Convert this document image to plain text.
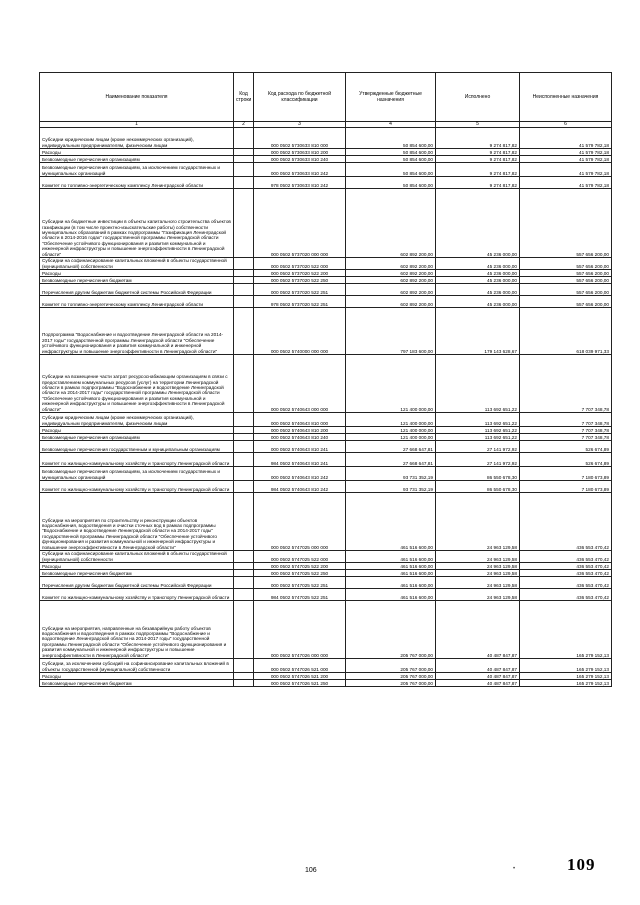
Наименование показателя	Код строки	Код расхода по бюджетной классификации	Утвержденные бюджетные назначения	Исполнено	Неисполненные назначения
1	2	3	4	5	6
Субсидии юридическим лицам (кроме некоммерческих организаций), индивидуальным предпринимателям, физическим лицам		000 0502 5730633 810 000	50 854 600,00	9 274 817,82	41 579 782,18
Расходы		000 0502 5730633 810 200	50 854 600,00	9 274 817,82	41 579 782,18
Безвозмездные перечисления организациям		000 0502 5730633 810 240	50 854 600,00	9 274 817,82	41 579 782,18
Безвозмездные перечисления организациям, за исключением государственных и муниципальных организаций		000 0502 5730633 810 242	50 854 600,00	9 274 817,82	41 579 782,18
Комитет по топливно-энергетическому комплексу Ленинградской области		978 0502 5730633 810 242	50 854 600,00	9 274 817,82	41 579 782,18
Субсидии на бюджетные инвестиции в объекты капитального строительства объектов газификации (в том числе проектно-изыскательские работы) собственности муниципальных образований в рамках подпрограммы "Газификация Ленинградской области в 2014-2016 годах" государственной программы Ленинградской области "Обеспечение устойчивого функционирования и развития коммунальной и инженерной инфраструктуры и повышение энергоэффективности в Ленинградской области"		000 0502 5737020 000 000	602 892 200,00	45 236 000,00	557 656 200,00
Субсидии на софинансирование капитальных вложений в объекты государственной (муниципальной) собственности		000 0502 5737020 522 000	602 892 200,00	45 236 000,00	557 656 200,00
Расходы		000 0502 5737020 522 200	602 892 200,00	45 236 000,00	557 656 200,00
Безвозмездные перечисления бюджетам		000 0502 5737020 522 250	602 892 200,00	45 236 000,00	557 656 200,00
Перечисления другим бюджетам бюджетной системы Российской Федерации		000 0502 5737020 522 251	602 892 200,00	45 236 000,00	557 656 200,00
Комитет по топливно-энергетическому комплексу Ленинградской области		978 0502 5737020 522 251	602 892 200,00	45 236 000,00	557 656 200,00
Подпрограмма "Водоснабжение и водоотведение Ленинградской области на 2014-2017 годы" государственной программы Ленинградской области "Обеспечение устойчивого функционирования и развития коммунальной и инженерной инфраструктуры и повышение энергоэффективности в Ленинградской области"		000 0502 5740000 000 000	797 183 600,00	179 143 628,67	618 039 971,33
Субсидии на возмещение части затрат ресурсоснабжающим организациям в связи с предоставлением коммунальных ресурсов (услуг) на территории Ленинградской области в рамках подпрограммы "Водоснабжение и водоотведение Ленинградской области на 2014-2017 годы" государственной программы Ленинградской области "Обеспечение устойчивого функционирования и развития коммунальной и инженерной инфраструктуры и повышение энергоэффективности в Ленинградской области"		000 0502 5740643 000 000	121 400 000,00	113 692 651,22	7 707 348,78
Субсидии юридическим лицам (кроме некоммерческих организаций), индивидуальным предпринимателям, физическим лицам		000 0502 5740643 810 000	121 400 000,00	113 692 651,22	7 707 348,78
Расходы		000 0502 5740643 810 200	121 400 000,00	113 692 651,22	7 707 348,78
Безвозмездные перечисления организациям		000 0502 5740643 810 240	121 400 000,00	113 692 651,22	7 707 348,78
Безвозмездные перечисления государственным и муниципальным организациям		000 0502 5740643 810 241	27 668 647,81	27 141 972,92	526 674,89
Комитет по жилищно-коммунальному хозяйству и транспорту Ленинградской области		984 0502 5740643 810 241	27 668 647,81	27 141 972,92	526 674,89
Безвозмездные перечисления организациям, за исключением государственных и муниципальных организаций		000 0502 5740643 810 242	93 731 352,19	86 550 678,30	7 180 673,89
Комитет по жилищно-коммунальному хозяйству и транспорту Ленинградской области		984 0502 5740643 810 242	93 731 352,19	86 550 678,30	7 180 673,89
Субсидии на мероприятия по строительству и реконструкции объектов водоснабжения, водоотведения и очистки сточных вод в рамках подпрограммы "Водоснабжение и водоотведение Ленинградской области на 2014-2017 годы" государственной программы Ленинградской области "Обеспечение устойчивого функционирования и развития коммунальной и инженерной инфраструктуры и повышение энергоэффективности в Ленинградской области"		000 0502 5747025 000 000	461 516 600,00	24 963 129,58	436 553 470,42
Субсидии на софинансирование капитальных вложений в объекты государственной (муниципальной) собственности		000 0502 5747025 522 000	461 516 600,00	24 963 129,58	436 553 470,42
Расходы		000 0502 5747025 522 200	461 516 600,00	24 963 129,58	436 553 470,42
Безвозмездные перечисления бюджетам		000 0502 5747025 522 250	461 516 600,00	24 963 129,58	436 553 470,42
Перечисления другим бюджетам бюджетной системы Российской Федерации		000 0502 5747025 522 251	461 516 600,00	24 963 129,58	436 553 470,42
Комитет по жилищно-коммунальному хозяйству и транспорту Ленинградской области		984 0502 5747025 522 251	461 516 600,00	24 963 129,58	436 553 470,42
Субсидии на мероприятия, направленные на безаварийную работу объектов водоснабжения и водоотведения в рамках подпрограммы "Водоснабжение и водоотведение Ленинградской области на 2014-2017 годы" государственной программы Ленинградской области "Обеспечение устойчивого функционирования и развития коммунальной и инженерной инфраструктуры и повышение энергоэффективности в Ленинградской области"		000 0502 5747026 000 000	205 767 000,00	40 487 847,87	165 279 152,13
Субсидии, за исключением субсидий на софинансирование капитальных вложений в объекты государственной (муниципальной) собственности		000 0502 5747026 521 000	205 767 000,00	40 487 847,87	165 279 152,13
Расходы		000 0502 5747026 521 200	205 767 000,00	40 487 847,87	165 279 152,13
Безвозмездные перечисления бюджетам		000 0502 5747026 521 250	205 767 000,00	40 487 847,87	165 279 152,13
106	•	109
